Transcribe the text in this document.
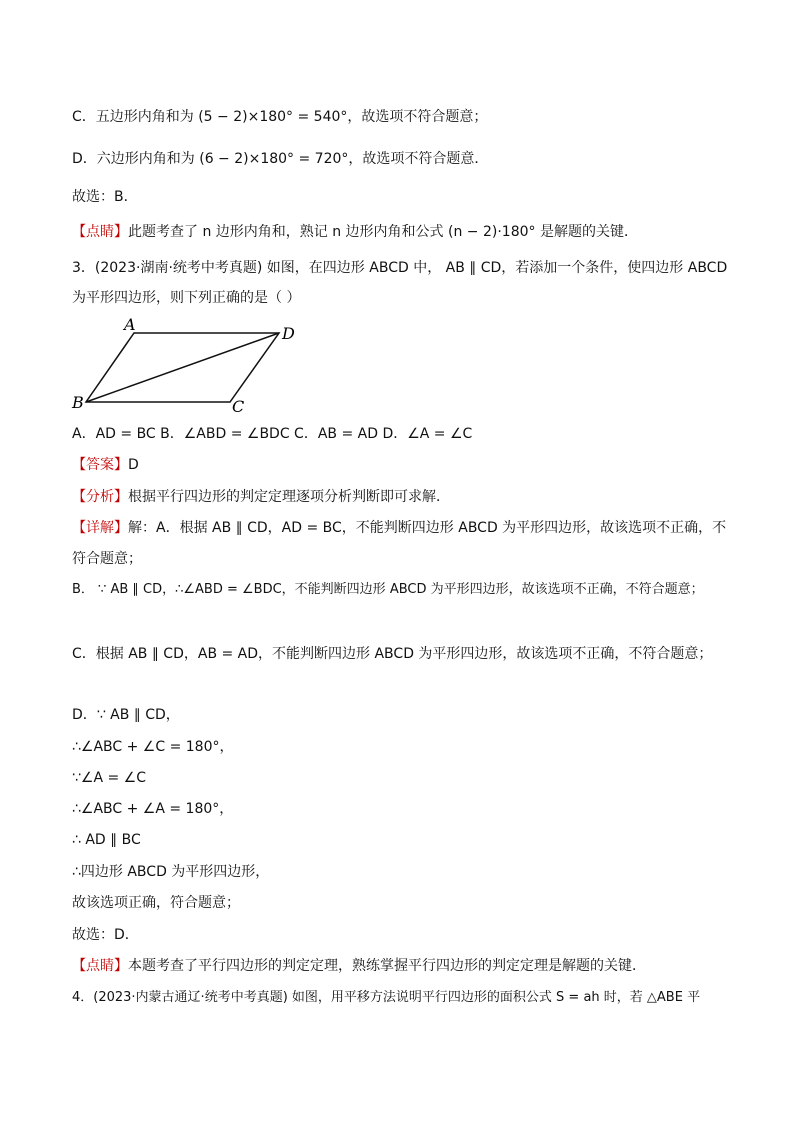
C．五边形内角和为 (5 − 2)×180° = 540°，故选项不符合题意；
D．六边形内角和为 (6 − 2)×180° = 720°，故选项不符合题意．
故选：B．
【点睛】此题考查了 n 边形内角和，熟记 n 边形内角和公式 (n − 2)·180° 是解题的关键．
3．(2023·湖南·统考中考真题) 如图，在四边形 ABCD 中， AB ∥ CD，若添加一个条件，使四边形 ABCD
为平形四边形，则下列正确的是（ ）
A	D
B	C
A．AD = BC B．∠ABD = ∠BDC C．AB = AD D．∠A = ∠C
【答案】D
【分析】根据平行四边形的判定定理逐项分析判断即可求解．
【详解】解：A．根据 AB ∥ CD，AD = BC，不能判断四边形 ABCD 为平形四边形，故该选项不正确，不
符合题意；
B． ∵ AB ∥ CD，∴∠ABD = ∠BDC，不能判断四边形 ABCD 为平形四边形，故该选项不正确，不符合题意；
C．根据 AB ∥ CD，AB = AD，不能判断四边形 ABCD 为平形四边形，故该选项不正确，不符合题意；
D．∵ AB ∥ CD，
∴∠ABC + ∠C = 180°，
∵∠A = ∠C
∴∠ABC + ∠A = 180°，
∴ AD ∥ BC
∴四边形 ABCD 为平形四边形，
故该选项正确，符合题意；
故选：D．
【点睛】本题考查了平行四边形的判定定理，熟练掌握平行四边形的判定定理是解题的关键．
4．(2023·内蒙古通辽·统考中考真题) 如图，用平移方法说明平行四边形的面积公式 S = ah 时，若 △ABE 平
